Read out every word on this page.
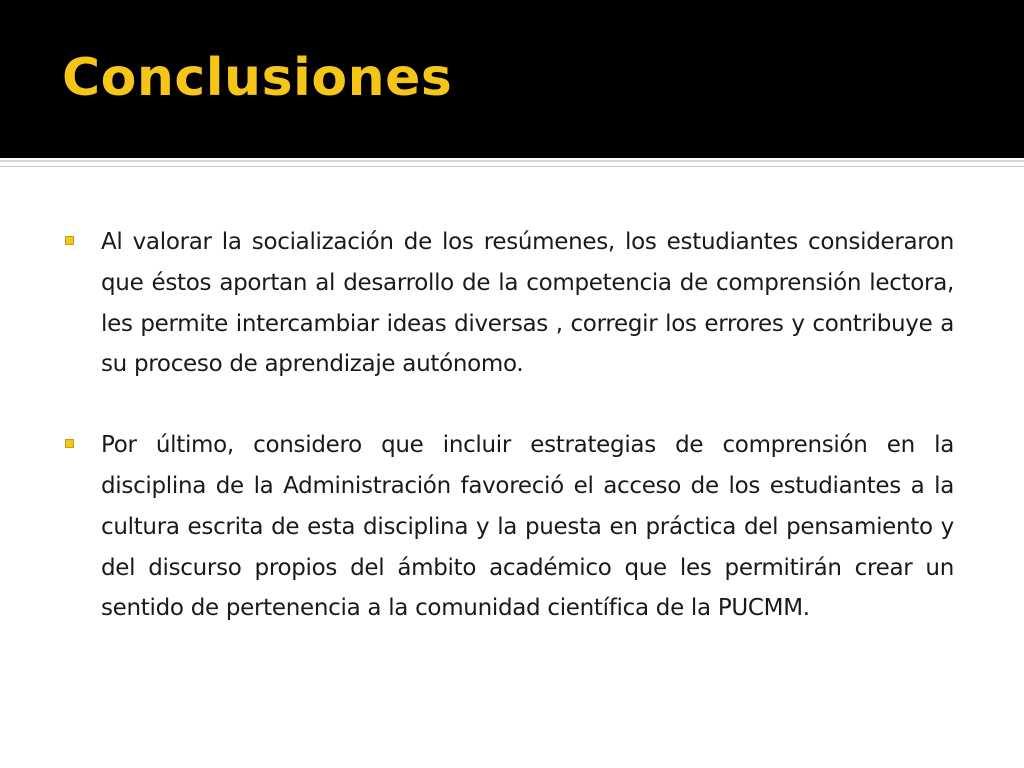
Conclusiones

Al valorar la socialización de los resúmenes, los estudiantes consideraron que éstos aportan al desarrollo de la competencia de comprensión lectora, les permite intercambiar ideas diversas , corregir los errores y contribuye a su proceso de aprendizaje autónomo.

Por último, considero que incluir estrategias de comprensión en la disciplina de la Administración favoreció el acceso de los estudiantes a la cultura escrita de esta disciplina y la puesta en práctica del pensamiento y del discurso propios del ámbito académico que les permitirán crear un sentido de pertenencia a la comunidad científica de la PUCMM.
